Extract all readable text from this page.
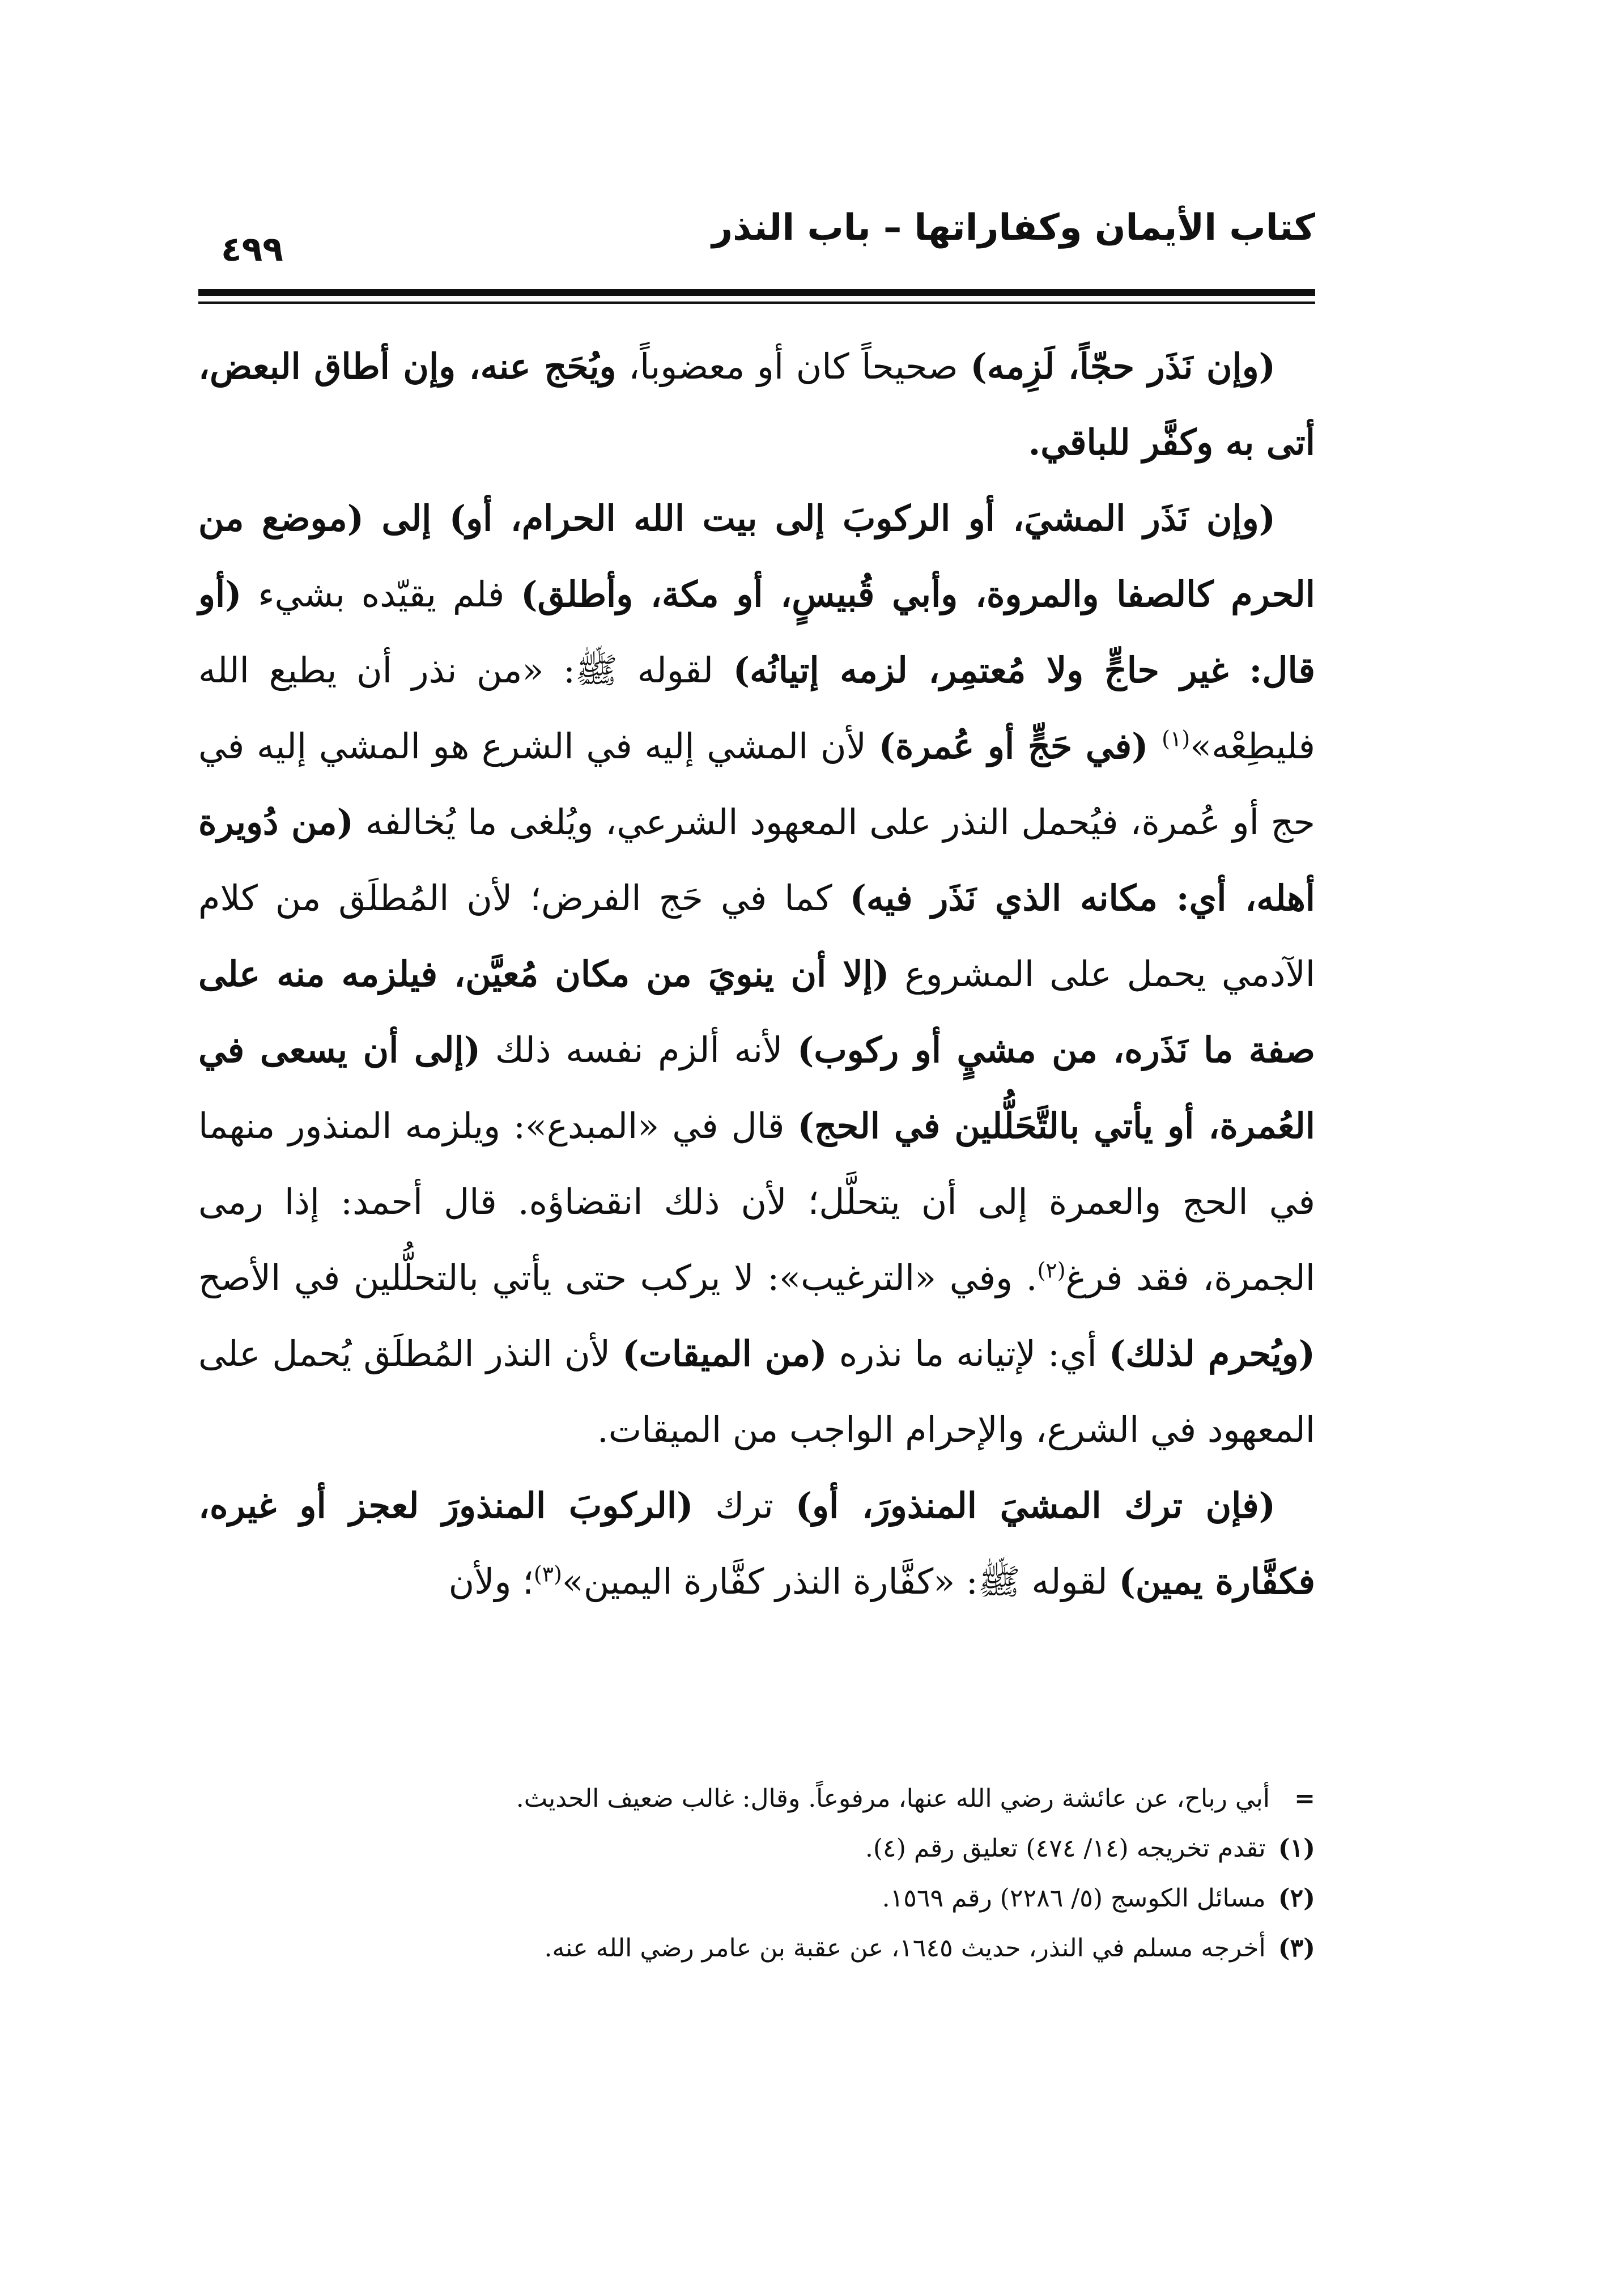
كتاب الأيمان وكفاراتها – باب النذر
٤٩٩

(وإن نَذَر حجّاً، لَزِمه) صحيحاً كان أو معضوباً، ويُحَج عنه، وإن أطاق البعض، أتى به وكفَّر للباقي.

(وإن نَذَر المشيَ، أو الركوبَ إلى بيت الله الحرام، أو) إلى (موضع من الحرم كالصفا والمروة، وأبي قُبيسٍ، أو مكة، وأطلق) فلم يقيّده بشيء (أو قال: غير حاجٍّ ولا مُعتمِر، لزمه إتيانُه) لقوله ﷺ: «من نذر أن يطيع الله فليطِعْه»$^{(١)}$ (في حَجٍّ أو عُمرة) لأن المشي إليه في الشرع هو المشي إليه في حج أو عُمرة، فيُحمل النذر على المعهود الشرعي، ويُلغى ما يُخالفه (من دُويرة أهله، أي: مكانه الذي نَذَر فيه) كما في حَج الفرض؛ لأن المُطلَق من كلام الآدمي يحمل على المشروع (إلا أن ينويَ من مكان مُعيَّن، فيلزمه منه على صفة ما نَذَره، من مشيٍ أو ركوب) لأنه ألزم نفسه ذلك (إلى أن يسعى في العُمرة، أو يأتي بالتَّحَلُّلين في الحج) قال في «المبدع»: ويلزمه المنذور منهما في الحج والعمرة إلى أن يتحلَّل؛ لأن ذلك انقضاؤه. قال أحمد: إذا رمى الجمرة، فقد فرغ$^{(٢)}$. وفي «الترغيب»: لا يركب حتى يأتي بالتحلُّلين في الأصح (ويُحرم لذلك) أي: لإتيانه ما نذره (من الميقات) لأن النذر المُطلَق يُحمل على المعهود في الشرع، والإحرام الواجب من الميقات.

(فإن ترك المشيَ المنذورَ، أو) ترك (الركوبَ المنذورَ لعجز أو غيره، فكفَّارة يمين) لقوله ﷺ: «كفَّارة النذر كفَّارة اليمين»$^{(٣)}$؛ ولأن

=أبي رباح، عن عائشة رضي الله عنها، مرفوعاً. وقال: غالب ضعيف الحديث.
(١)تقدم تخريجه (١٤/ ٤٧٤) تعليق رقم (٤).
(٢)مسائل الكوسج (٥/ ٢٢٨٦) رقم ١٥٦٩.
(٣)أخرجه مسلم في النذر، حديث ١٦٤٥، عن عقبة بن عامر رضي الله عنه.
